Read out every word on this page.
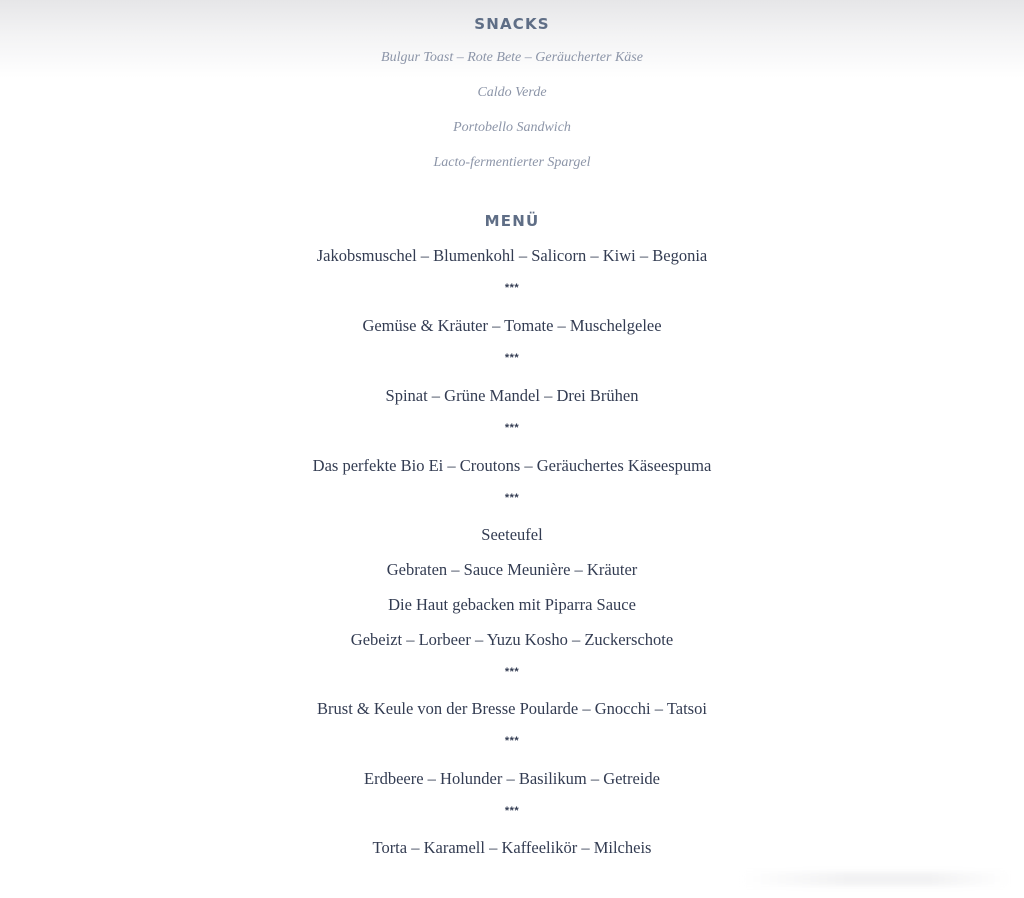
SNACKS
Bulgur Toast – Rote Bete – Geräucherter Käse
Caldo Verde
Portobello Sandwich
Lacto-fermentierter Spargel
MENÜ
Jakobsmuschel – Blumenkohl – Salicorn – Kiwi – Begonia
***
Gemüse & Kräuter – Tomate – Muschelgelee
***
Spinat – Grüne Mandel – Drei Brühen
***
Das perfekte Bio Ei – Croutons – Geräuchertes Käseespuma
***
Seeteufel
Gebraten – Sauce Meunière – Kräuter
Die Haut gebacken mit Piparra Sauce
Gebeizt – Lorbeer – Yuzu Kosho – Zuckerschote
***
Brust & Keule von der Bresse Poularde – Gnocchi – Tatsoi
***
Erdbeere – Holunder – Basilikum – Getreide
***
Torta – Karamell – Kaffeelikör – Milcheis
